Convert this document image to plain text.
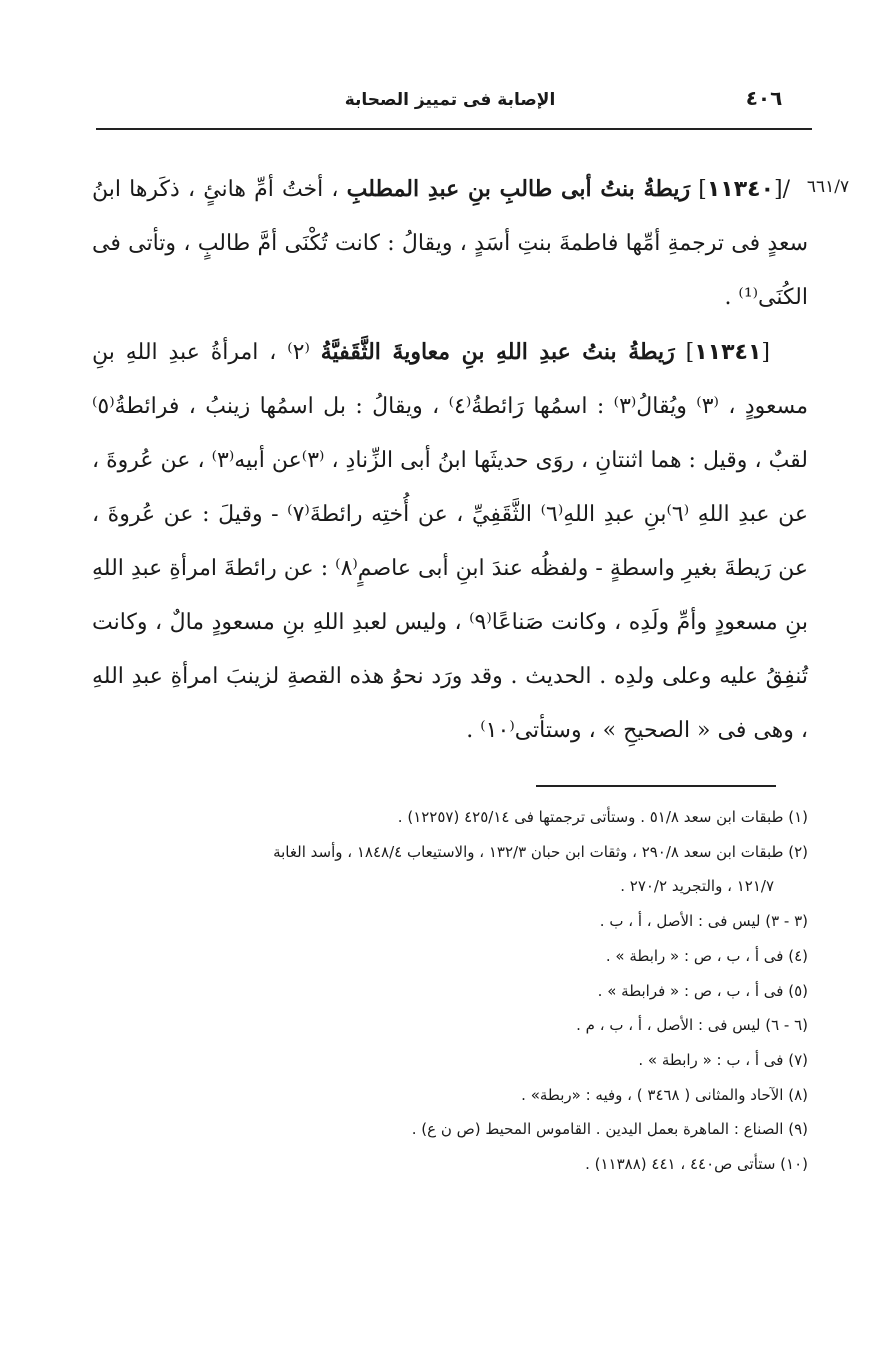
٤٠٦
الإصابة فى تمييز الصحابة
٦٦١/٧

/[١١٣٤٠] رَيطةُ بنتُ أبى طالبِ بنِ عبدِ المطلبِ ، أختُ أمِّ هانئٍ ، ذكَرها ابنُ سعدٍ فى ترجمةِ أمِّها فاطمةَ بنتِ أسَدٍ ، ويقالُ : كانت تُكْنَى أمَّ طالبٍ ، وتأتى فى الكُنَى⁽¹⁾ .

[١١٣٤١] رَيطةُ بنتُ عبدِ اللهِ بنِ معاويةَ الثَّقَفيَّةُ ⁽٢⁾ ، امرأةُ عبدِ اللهِ بنِ مسعودٍ ، ⁽٣⁾ ويُقالُ⁽٣⁾ : اسمُها رَائطةُ⁽٤⁾ ، ويقالُ : بل اسمُها زينبُ ، فرائطةُ⁽٥⁾ لقبٌ ، وقيل : هما اثنتانِ ، روَى حديثَها ابنُ أبى الزِّنادِ ، ⁽٣⁾عن أبيه⁽٣⁾ ، عن عُروةَ ، عن عبدِ اللهِ ⁽٦⁾بنِ عبدِ اللهِ⁽٦⁾ الثَّقَفِيِّ ، عن أُختِه رائطةَ⁽٧⁾ - وقيلَ : عن عُروةَ ، عن رَيطةَ بغيرِ واسطةٍ - ولفظُه عندَ ابنِ أبى عاصمٍ⁽٨⁾ : عن رائطةَ امرأةِ عبدِ اللهِ بنِ مسعودٍ وأمِّ ولَدِه ، وكانت صَناعًا⁽٩⁾ ، وليس لعبدِ اللهِ بنِ مسعودٍ مالٌ ، وكانت تُنفِقُ عليه وعلى ولدِه . الحديث . وقد ورَد نحوُ هذه القصةِ لزينبَ امرأةِ عبدِ اللهِ ، وهى فى « الصحيحِ » ، وستأتى⁽١٠⁾ .

(١) طبقات ابن سعد ٥١/٨ . وستأتى ترجمتها فى ٤٢٥/١٤ (١٢٢٥٧) .

(٢) طبقات ابن سعد ٢٩٠/٨ ، وثقات ابن حبان ١٣٢/٣ ، والاستيعاب ١٨٤٨/٤ ، وأسد الغابة

١٢١/٧ ، والتجريد ٢٧٠/٢ .

(٣ - ٣) ليس فى : الأصل ، أ ، ب .

(٤) فى أ ، ب ، ص : « رابطة » .

(٥) فى أ ، ب ، ص : « فرابطة » .

(٦ - ٦) ليس فى : الأصل ، أ ، ب ، م .

(٧) فى أ ، ب : « رابطة » .

(٨) الآحاد والمثانى ( ٣٤٦٨ ) ، وفيه : «ربطة» .

(٩) الصناع : الماهرة بعمل اليدين . القاموس المحيط (ص ن ع) .

(١٠) ستأتى ص٤٤٠ ، ٤٤١ (١١٣٨٨) .
